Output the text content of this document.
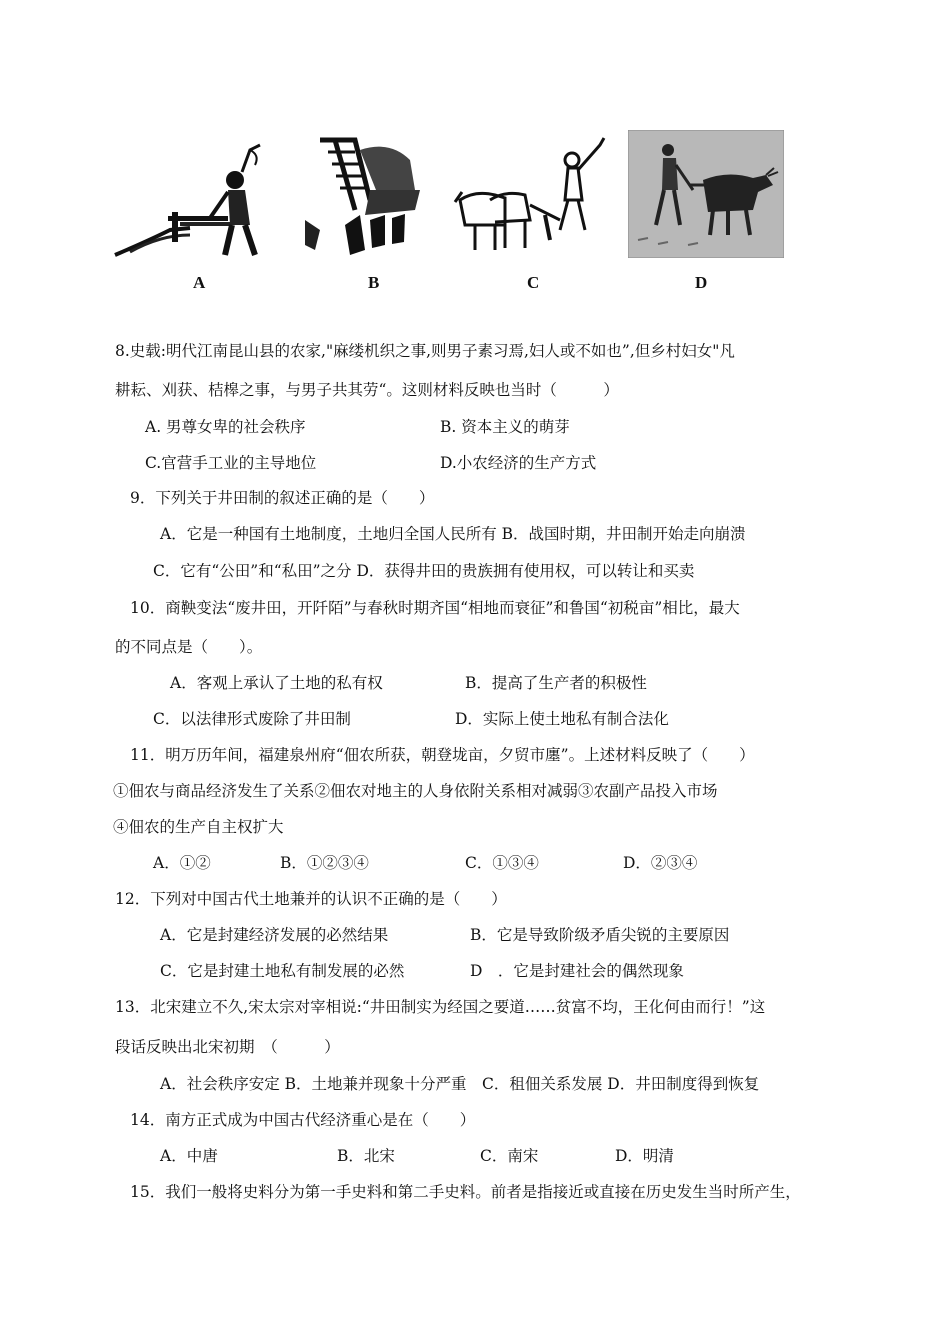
A	B	C	D
8.史载:明代江南昆山县的农家,"麻缕机织之事,则男子素习焉,妇人或不如也”,但乡村妇女"凡
耕耘、刈获、桔槔之事，与男子共其劳“。这则材料反映也当时（　　　）
A. 男尊女卑的社会秩序	B. 资本主义的萌芽
C.官营手工业的主导地位	D.小农经济的生产方式
9．下列关于井田制的叙述正确的是（　　）
A．它是一种国有土地制度，土地归全国人民所有 B．战国时期，井田制开始走向崩溃
C．它有“公田”和“私田”之分 D．获得井田的贵族拥有使用权，可以转让和买卖
10．商鞅变法“废井田，开阡陌”与春秋时期齐国“相地而衰征”和鲁国“初税亩”相比，最大
的不同点是（　　）。
A．客观上承认了土地的私有权	B．提高了生产者的积极性
C．以法律形式废除了井田制	D．实际上使土地私有制合法化
11．明万历年间，福建泉州府“佃农所获，朝登垅亩，夕贸市廛”。上述材料反映了（　　）
①佃农与商品经济发生了关系②佃农对地主的人身依附关系相对减弱③农副产品投入市场
④佃农的生产自主权扩大
A．①②	B．①②③④	C．①③④	D．②③④
12．下列对中国古代土地兼并的认识不正确的是（　　）
A．它是封建经济发展的必然结果	B．它是导致阶级矛盾尖锐的主要原因
C．它是封建土地私有制发展的必然	D　．它是封建社会的偶然现象
13．北宋建立不久,宋太宗对宰相说:“井田制实为经国之要道……贫富不均，王化何由而行！”这
段话反映出北宋初期　（　　　）
A．社会秩序安定 B．土地兼并现象十分严重　C．租佃关系发展 D．井田制度得到恢复
14．南方正式成为中国古代经济重心是在（　　）
A．中唐	B．北宋	C．南宋	D．明清
15．我们一般将史料分为第一手史料和第二手史料。前者是指接近或直接在历史发生当时所产生，
